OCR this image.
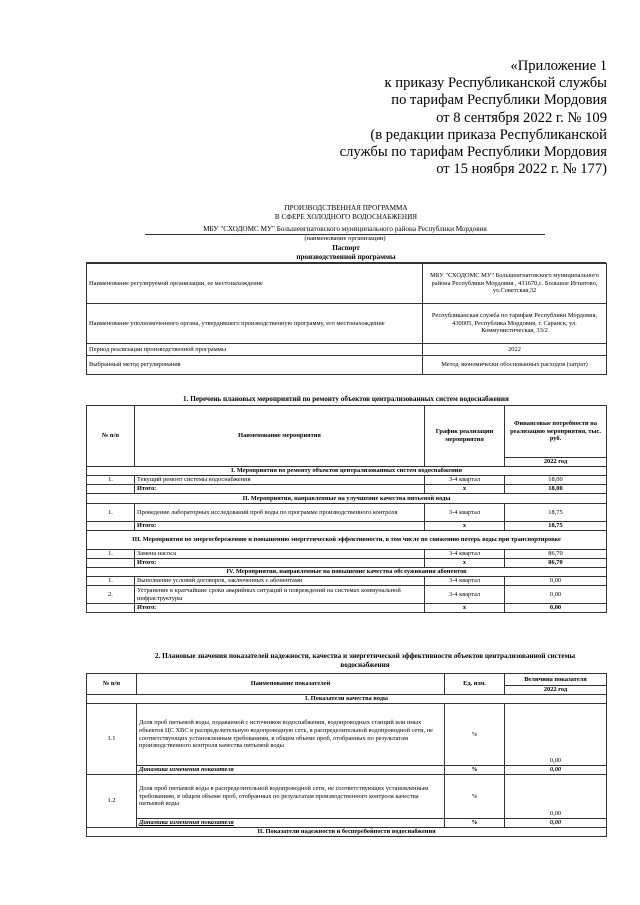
«Приложение 1
к приказу Республиканской службы
по тарифам Республики Мордовия
от 8 сентября 2022 г. № 109
(в редакции приказа Республиканской
службы по тарифам Республики Мордовия
от 15 ноября 2022 г. № 177)
ПРОИЗВОДСТВЕННАЯ ПРОГРАММА
В СФЕРЕ ХОЛОДНОГО ВОДОСНАБЖЕНИЯ
МБУ "СХОДОМС МУ" Большеигнатовского муниципального района Республики Мордовия
(наименование организации)
Паспорт
производственной программы
Наименование регулируемой организации, ее местонахождение	МБУ "СХОДОМС МУ" Большеигнатовского муниципального района Республики Мордовия , 431670,с. Большое Игнатово, ул.Советская,32
Наименование уполномоченного органа, утвердившего производственную программу, его местонахождение	Республиканская служба по тарифам Республики Мордовия, 430005, Республика Мордовия, г. Саранск, ул. Коммунистическая, 33/2
Период реализации производственной программы	2022
Выбранный метод регулирования	Метод экономически обоснованных расходов (затрат)
1. Перечень плановых мероприятий по ремонту объектов централизованных систем водоснабжения
№ п/п	Наименование мероприятия	График реализации мероприятия	Финансовые потребности на реализацию мероприятия, тыс. руб.
			2022 год
I. Мероприятия по ремонту объектов централизованных систем водоснабжения			
1.	Текущий ремонт системы водоснабжения	3-4 квартал	18,00
	Итого:	х	18,00
II. Мероприятия, направленные на улучшение качества питьевой воды			
1.	Проведение лабораторных исследований проб воды по программе производственного контроля	3-4 квартал	18,75
	Итого:	х	18,75
III. Мероприятия по энергосбережению и повышению энергетической эффективности, в том числе по снижению потерь воды при транспортировке			
1.	Замена насоса	3-4 квартал	86,70
	Итого:	х	86,70
IV. Мероприятия, направленные на повышение качества обслуживания абонентов			
1.	Выполнение условий договоров, заключенных с абонентами	3-4 квартал	0,00
2.	Устранение в кратчайшие сроки аварийных ситуаций и повреждений на системах коммунальной инфраструктуры	3-4 квартал	0,00
	Итого:	х	0,00
2. Плановые значения показателей надежности, качества и энергетической эффективности объектов централизованной системы водоснабжения
№ п/п	Наименование показателей	Ед. изм.	Величина показателя
			2022 год
I. Показатели качества воды			
1.1	Доля проб питьевой воды, подаваемой с источников водоснабжения, водопроводных станций или иных объектов ЦС ХВС в распределительную водопроводную сеть, в распределительной водопроводной сети, не соответствующих установленным требованиям, в общем объеме проб, отобранных по результатам производственного контроля качества питьевой воды	%	0,00
	Динамика изменения показателя	%	0,00
1.2	Доля проб питьевой воды в распределительной водопроводной сети, не соответствующих установленным требованиям, в общем объеме проб, отобранных по результатам производственного контроля качества питьевой воды	%	0,00
	Динамика изменения показателя	%	0,00
II. Показатели надежности и бесперебойности водоснабжения			
